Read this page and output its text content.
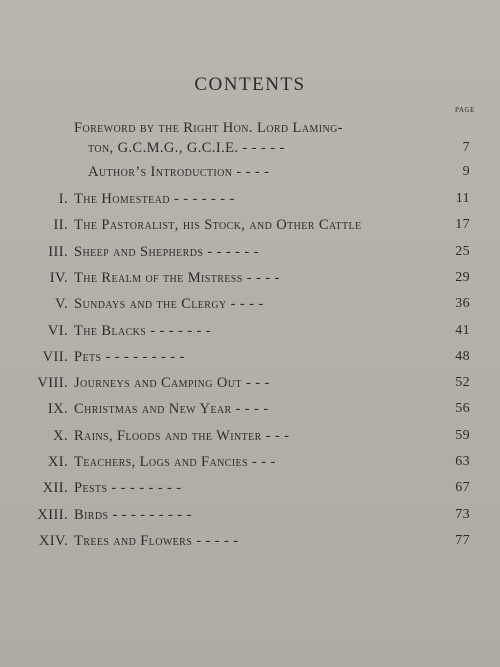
CONTENTS
PAGE
Foreword by the Right Hon. Lord Laming-
ton, G.C.M.G., G.C.I.E. - - - - -	7
Author’s Introduction - - - -	9
I. The Homestead - - - - - - -	11
II. The Pastoralist, his Stock, and Other Cattle	17
III. Sheep and Shepherds - - - - - -	25
IV. The Realm of the Mistress - - - -	29
V. Sundays and the Clergy - - - -	36
VI. The Blacks - - - - - - -	41
VII. Pets - - - - - - - - -	48
VIII. Journeys and Camping Out - - -	52
IX. Christmas and New Year - - - -	56
X. Rains, Floods and the Winter - - -	59
XI. Teachers, Logs and Fancies - - -	63
XII. Pests - - - - - - - -	67
XIII. Birds - - - - - - - - -	73
XIV. Trees and Flowers - - - - -	77
